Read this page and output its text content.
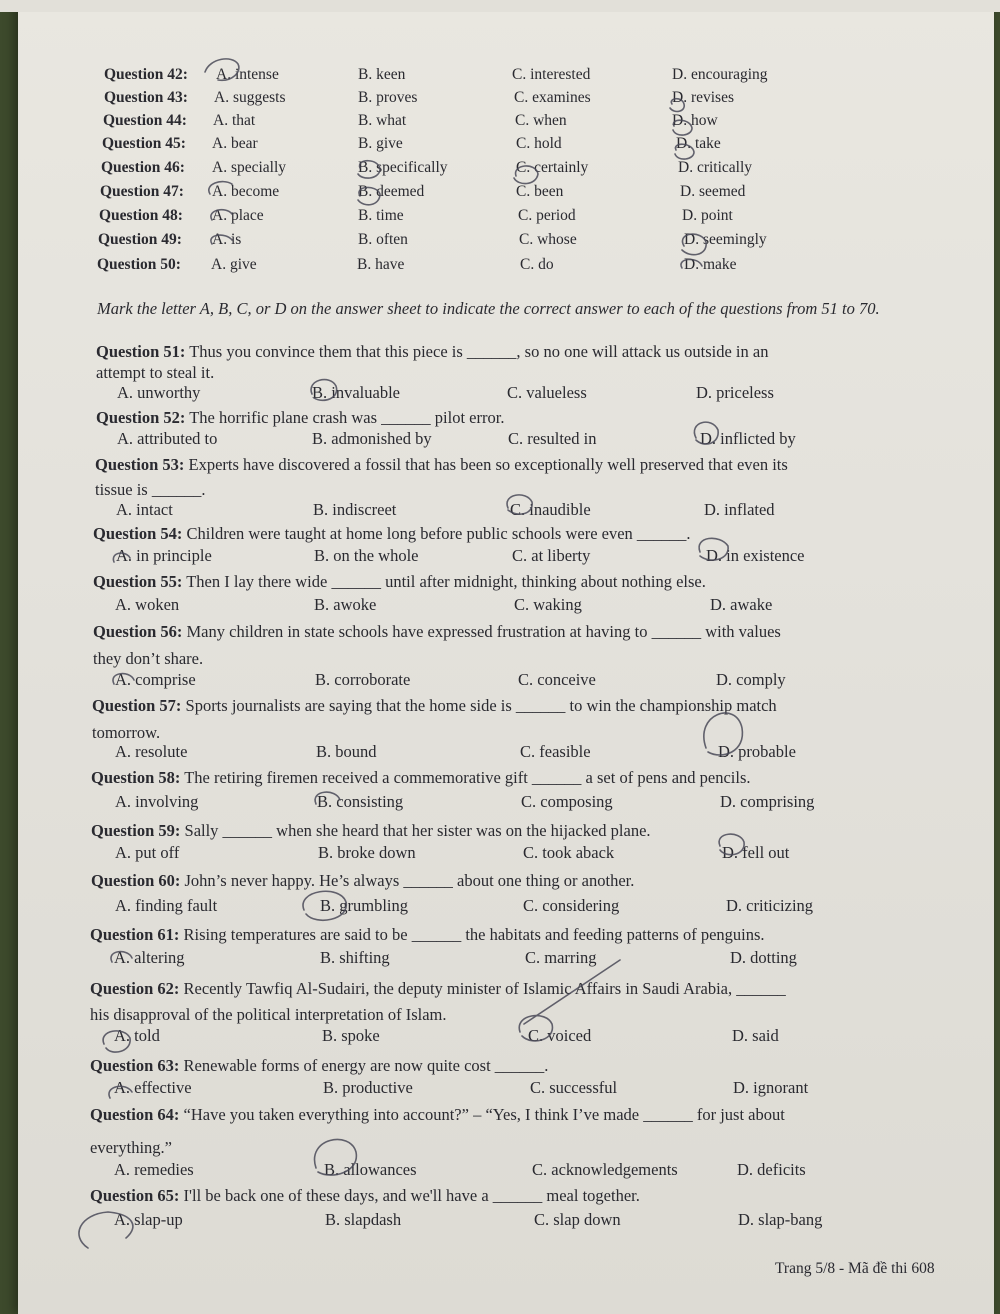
Question 42: A. intense	B. keen	C. interested	D. encouraging
Question 43: A. suggests	B. proves	C. examines	D. revises
Question 44: A. that	B. what	C. when	D. how
Question 45: A. bear	B. give	C. hold	D. take
Question 46: A. specially	B. specifically	C. certainly	D. critically
Question 47: A. become	B. deemed	C. been	D. seemed
Question 48: A. place	B. time	C. period	D. point
Question 49: A. is	B. often	C. whose	D. seemingly
Question 50: A. give	B. have	C. do	D. make
Mark the letter A, B, C, or D on the answer sheet to indicate the correct answer to each of the questions from 51 to 70.
Question 51: Thus you convince them that this piece is ______, so no one will attack us outside in an
attempt to steal it.
A. unworthy	B. invaluable	C. valueless	D. priceless
Question 52: The horrific plane crash was ______ pilot error.
A. attributed to	B. admonished by	C. resulted in	D. inflicted by
Question 53: Experts have discovered a fossil that has been so exceptionally well preserved that even its
tissue is ______.
A. intact	B. indiscreet	C. inaudible	D. inflated
Question 54: Children were taught at home long before public schools were even ______.
A. in principle	B. on the whole	C. at liberty	D. in existence
Question 55: Then I lay there wide ______ until after midnight, thinking about nothing else.
A. woken	B. awoke	C. waking	D. awake
Question 56: Many children in state schools have expressed frustration at having to ______ with values
they don’t share.
A. comprise	B. corroborate	C. conceive	D. comply
Question 57: Sports journalists are saying that the home side is ______ to win the championship match
tomorrow.
A. resolute	B. bound	C. feasible	D. probable
Question 58: The retiring firemen received a commemorative gift ______ a set of pens and pencils.
A. involving	B. consisting	C. composing	D. comprising
Question 59: Sally ______ when she heard that her sister was on the hijacked plane.
A. put off	B. broke down	C. took aback	D. fell out
Question 60: John’s never happy. He’s always ______ about one thing or another.
A. finding fault	B. grumbling	C. considering	D. criticizing
Question 61: Rising temperatures are said to be ______ the habitats and feeding patterns of penguins.
A. altering	B. shifting	C. marring	D. dotting
Question 62: Recently Tawfiq Al-Sudairi, the deputy minister of Islamic Affairs in Saudi Arabia, ______
his disapproval of the political interpretation of Islam.
A. told	B. spoke	C. voiced	D. said
Question 63: Renewable forms of energy are now quite cost ______.
A. effective	B. productive	C. successful	D. ignorant
Question 64: “Have you taken everything into account?” – “Yes, I think I’ve made ______ for just about
everything.”
A. remedies	B. allowances	C. acknowledgements	D. deficits
Question 65: I'll be back one of these days, and we'll have a ______ meal together.
A. slap-up	B. slapdash	C. slap down	D. slap-bang
Trang 5/8 - Mã đề thi 608
